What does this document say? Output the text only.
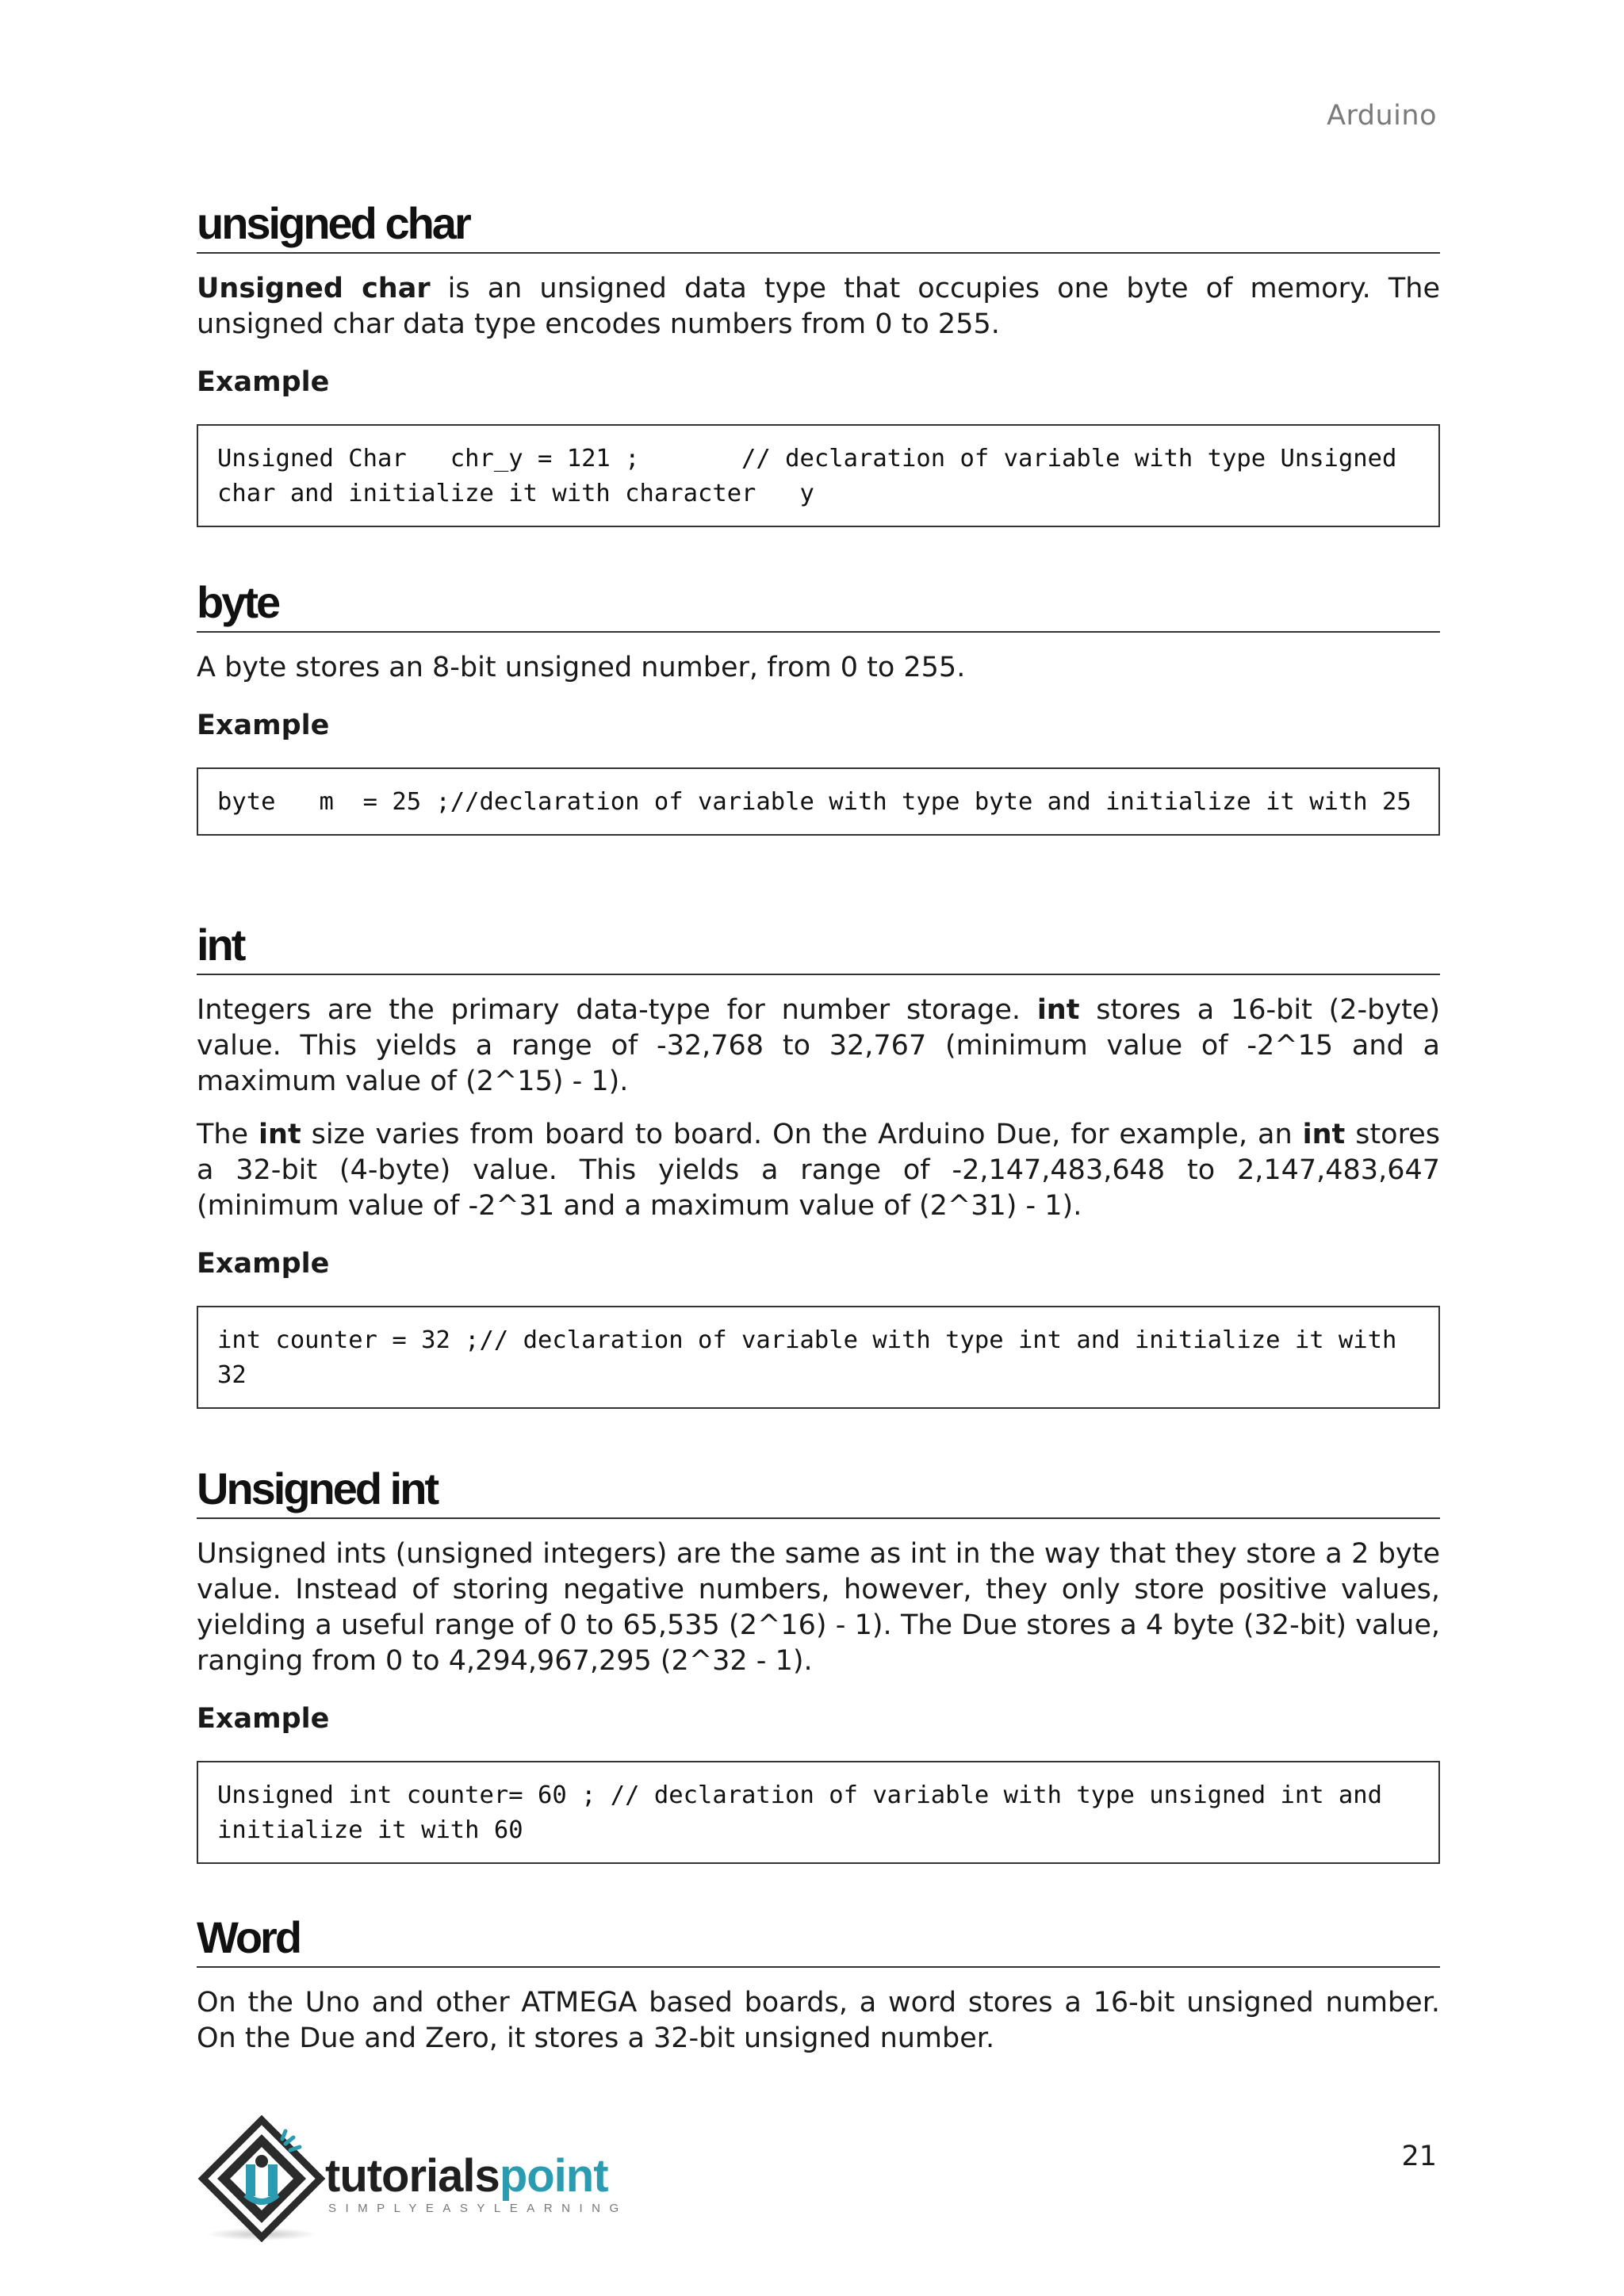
Arduino
unsigned char

Unsigned char is an unsigned data type that occupies one byte of memory. The unsigned char data type encodes numbers from 0 to 255.

Example
Unsigned Char   chr_y = 121 ;       // declaration of variable with type Unsigned char and initialize it with character   y
byte

A byte stores an 8-bit unsigned number, from 0 to 255.

Example
byte   m  = 25 ;//declaration of variable with type byte and initialize it with 25
int

Integers are the primary data-type for number storage. int stores a 16-bit (2-byte) value. This yields a range of -32,768 to 32,767 (minimum value of -2^15 and a maximum value of (2^15) - 1).

The int size varies from board to board. On the Arduino Due, for example, an int stores a 32-bit (4-byte) value. This yields a range of -2,147,483,648 to 2,147,483,647 (minimum value of -2^31 and a maximum value of (2^31) - 1).

Example
int counter = 32 ;// declaration of variable with type int and initialize it with 32
Unsigned int

Unsigned ints (unsigned integers) are the same as int in the way that they store a 2 byte value. Instead of storing negative numbers, however, they only store positive values, yielding a useful range of 0 to 65,535 (2^16) - 1). The Due stores a 4 byte (32-bit) value, ranging from 0 to 4,294,967,295 (2^32 - 1).

Example
Unsigned int counter= 60 ; // declaration of variable with type unsigned int and initialize it with 60
Word

On the Uno and other ATMEGA based boards, a word stores a 16-bit unsigned number. On the Due and Zero, it stores a 32-bit unsigned number.

tutorialspoint
SIMPLYEASYLEARNING
21
